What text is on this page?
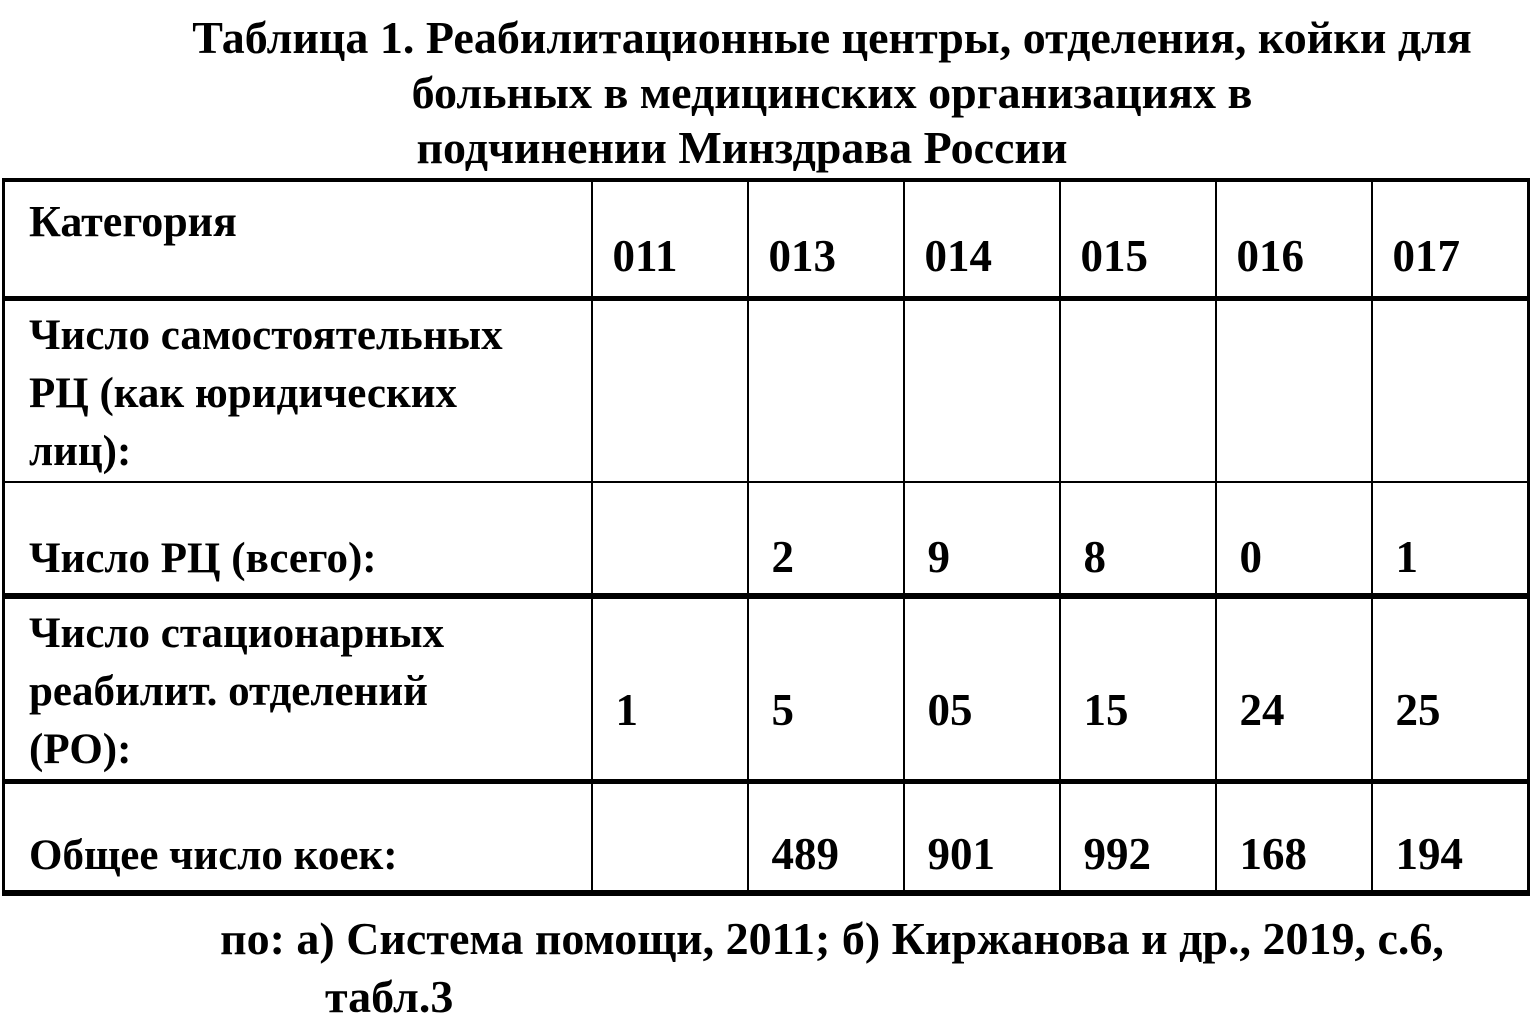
Таблица 1. Реабилитационные центры, отделения, койки для
больных в медицинских организациях в
подчинении Минздрава России
Категория	011	013	014	015	016	017

Число самостоятельных
РЦ (как юридических
лиц):						

Число РЦ (всего):		2	9	8	0	1

Число стационарных
реабилит. отделений
(РО):	1	5	05	15	24	25

Общее число коек:		489	901	992	168	194
по: а) Система помощи, 2011; б) Киржанова и др., 2019, с.6,
табл.3
